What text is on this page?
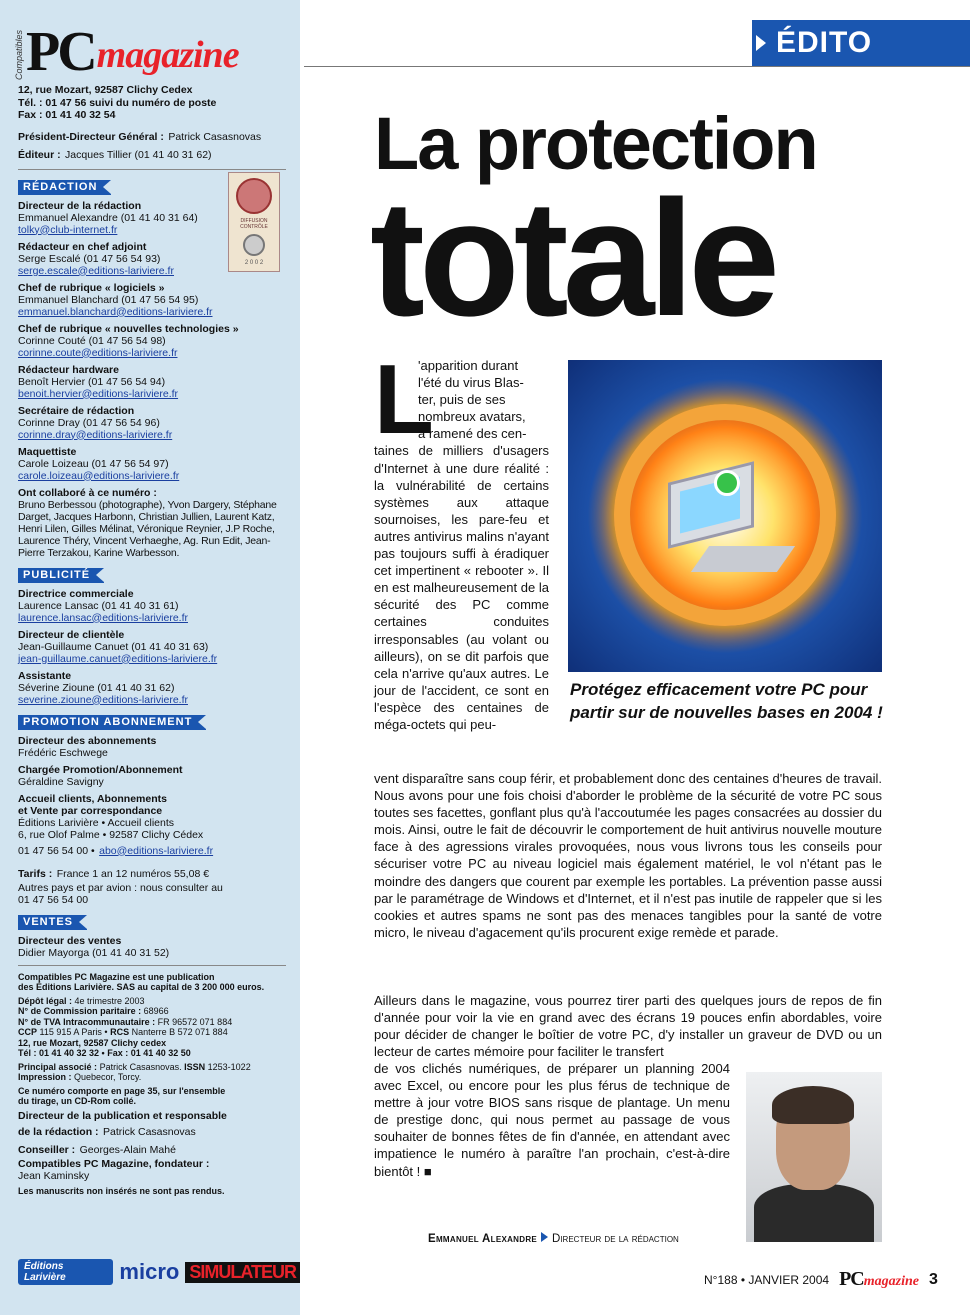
Compatibles PC magazine
12, rue Mozart, 92587 Clichy Cedex
Tél. : 01 47 56 suivi du numéro de poste
Fax : 01 41 40 32 54
Président-Directeur Général : Patrick Casasnovas
Éditeur : Jacques Tillier (01 41 40 31 62)
RÉDACTION
Directeur de la rédaction
Emmanuel Alexandre (01 41 40 31 64)
tolky@club-internet.fr
Rédacteur en chef adjoint
Serge Escalé (01 47 56 54 93)
serge.escale@editions-lariviere.fr
Chef de rubrique « logiciels »
Emmanuel Blanchard (01 47 56 54 95)
emmanuel.blanchard@editions-lariviere.fr
Chef de rubrique « nouvelles technologies »
Corinne Couté (01 47 56 54 98)
corinne.coute@editions-lariviere.fr
Rédacteur hardware
Benoît Hervier (01 47 56 54 94)
benoit.hervier@editions-lariviere.fr
Secrétaire de rédaction
Corinne Dray (01 47 56 54 96)
corinne.dray@editions-lariviere.fr
Maquettiste
Carole Loizeau (01 47 56 54 97)
carole.loizeau@editions-lariviere.fr
Ont collaboré à ce numéro :
Bruno Berbessou (photographe), Yvon Dargery, Stéphane Darget, Jacques Harbonn, Christian Jullien, Laurent Katz, Henri Lilen, Gilles Mélinat, Véronique Reynier, J.P Roche, Laurence Théry, Vincent Verhaeghe, Ag. Run Edit, Jean-Pierre Terzakou, Karine Warbesson.
DIFFUSION CONTRÔLE
2 0 0 2
PUBLICITÉ
Directrice commerciale
Laurence Lansac (01 41 40 31 61)
laurence.lansac@editions-lariviere.fr
Directeur de clientèle
Jean-Guillaume Canuet (01 41 40 31 63)
jean-guillaume.canuet@editions-lariviere.fr
Assistante
Séverine Zioune (01 41 40 31 62)
severine.zioune@editions-lariviere.fr
PROMOTION ABONNEMENT
Directeur des abonnements
Frédéric Eschwege
Chargée Promotion/Abonnement
Géraldine Savigny
Accueil clients, Abonnements
et Vente par correspondance
Éditions Larivière • Accueil clients
6, rue Olof Palme • 92587 Clichy Cédex
01 47 56 54 00 • abo@editions-lariviere.fr
Tarifs : France 1 an 12 numéros 55,08 €
Autres pays et par avion : nous consulter au
01 47 56 54 00
VENTES
Directeur des ventes
Didier Mayorga (01 41 40 31 52)
Compatibles PC Magazine est une publication
des Éditions Larivière. SAS au capital de 3 200 000 euros.
Dépôt légal : 4e trimestre 2003
N° de Commission paritaire : 68966
N° de TVA Intracommunautaire : FR 96572 071 884
CCP 115 915 A Paris • RCS Nanterre B 572 071 884
12, rue Mozart, 92587 Clichy cedex
Tél : 01 41 40 32 32 • Fax : 01 41 40 32 50
Principal associé : Patrick Casasnovas. ISSN 1253-1022
Impression : Quebecor, Torcy.
Ce numéro comporte en page 35, sur l'ensemble
du tirage, un CD-Rom collé.
Directeur de la publication et responsable
de la rédaction : Patrick Casasnovas
Conseiller : Georges-Alain Mahé
Compatibles PC Magazine, fondateur :
Jean Kaminsky
Les manuscrits non insérés ne sont pas rendus.
Éditions Larivière	micro SIMULATEUR
ÉDITO
La protection
totale
L
'apparition durant
l'été du virus Blas-
ter, puis de ses
nombreux avatars,
a ramené des cen-
taines de milliers d'usagers d'Internet à une dure réalité : la vulnérabilité de certains systèmes aux attaque sournoises, les pare-feu et autres antivirus malins n'ayant pas toujours suffi à éradiquer cet impertinent « rebooter ». Il en est malheureusement de la sécurité des PC comme certaines conduites irresponsables (au volant ou ailleurs), on se dit parfois que cela n'arrive qu'aux autres. Le jour de l'accident, ce sont en l'espèce des centaines de méga-octets qui peu-
Protégez efficacement votre PC pour partir sur de nouvelles bases en 2004 !
vent disparaître sans coup férir, et probablement donc des centaines d'heures de travail. Nous avons pour une fois choisi d'aborder le problème de la sécurité de votre PC sous toutes ses facettes, gonflant plus qu'à l'accoutumée les pages consacrées au dossier du mois. Ainsi, outre le fait de découvrir le comportement de huit antivirus nouvelle mouture face à des agressions virales provoquées, nous vous livrons tous les conseils pour sécuriser votre PC au niveau logiciel mais également matériel, le vol n'étant pas le moindre des dangers que courent par exemple les portables. La prévention passe aussi par le paramétrage de Windows et d'Internet, et il n'est pas inutile de rappeler que si les cookies et autres spams ne sont pas des menaces tangibles pour la santé de votre micro, le niveau d'agacement qu'ils procurent exige remède et parade.
Ailleurs dans le magazine, vous pourrez tirer parti des quelques jours de repos de fin d'année pour voir la vie en grand avec des écrans 19 pouces enfin abordables, voire pour décider de changer le boîtier de votre PC, d'y installer un graveur de DVD ou un lecteur de cartes mémoire pour faciliter le transfert
de vos clichés numériques, de préparer un planning 2004 avec Excel, ou encore pour les plus férus de technique de mettre à jour votre BIOS sans risque de plantage. Un menu de prestige donc, qui nous permet au passage de vous souhaiter de bonnes fêtes de fin d'année, en attendant avec impatience le numéro à paraître l'an prochain, c'est-à-dire bientôt ! ■
Emmanuel Alexandre Directeur de la rédaction
N°188 • JANVIER 2004 PCmagazine 3
